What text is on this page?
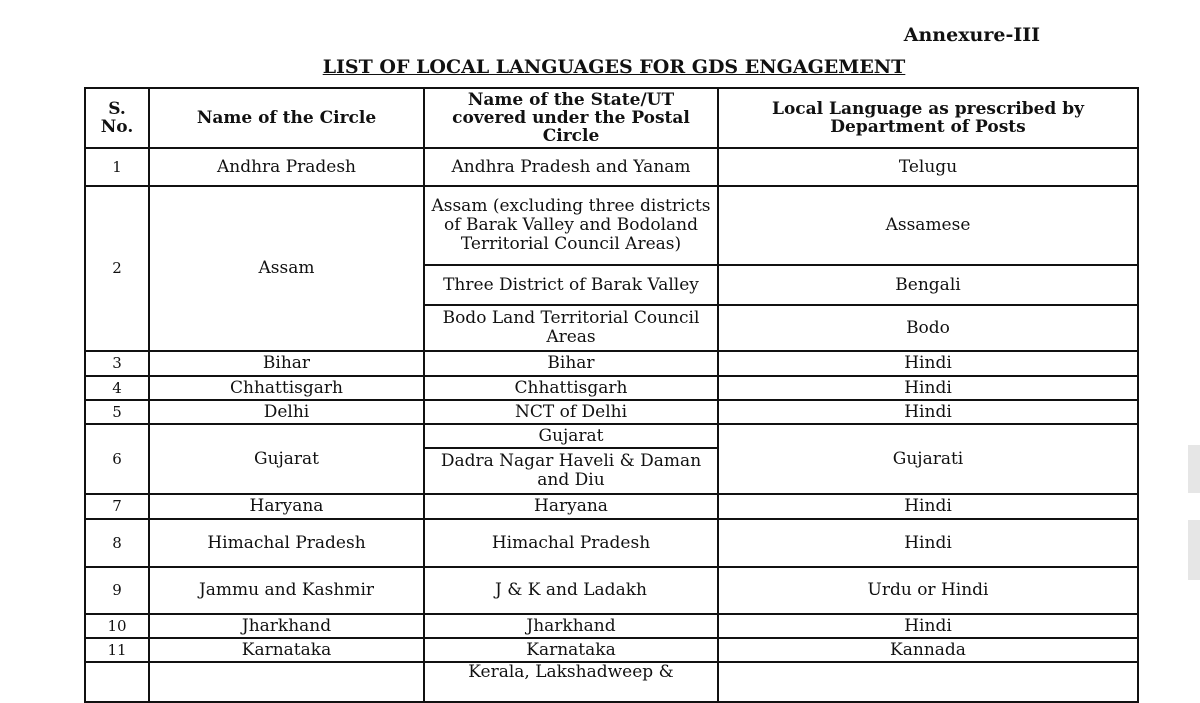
Annexure-III
LIST OF LOCAL LANGUAGES FOR GDS ENGAGEMENT
S. No.	Name of the Circle	Name of the State/UT covered under the Postal Circle	Local Language as prescribed by Department of Posts
1	Andhra Pradesh	Andhra Pradesh and Yanam	Telugu
2	Assam	Assam (excluding three districts of Barak Valley and Bodoland Territorial Council Areas)	Assamese
		Three District of Barak Valley	Bengali
		Bodo Land Territorial Council Areas	Bodo
3	Bihar	Bihar	Hindi
4	Chhattisgarh	Chhattisgarh	Hindi
5	Delhi	NCT of Delhi	Hindi
6	Gujarat	Gujarat	Gujarati
		Dadra Nagar Haveli & Daman and Diu	
7	Haryana	Haryana	Hindi
8	Himachal Pradesh	Himachal Pradesh	Hindi
9	Jammu and Kashmir	J & K and Ladakh	Urdu or Hindi
10	Jharkhand	Jharkhand	Hindi
11	Karnataka	Karnataka	Kannada
		Kerala, Lakshadweep &	
